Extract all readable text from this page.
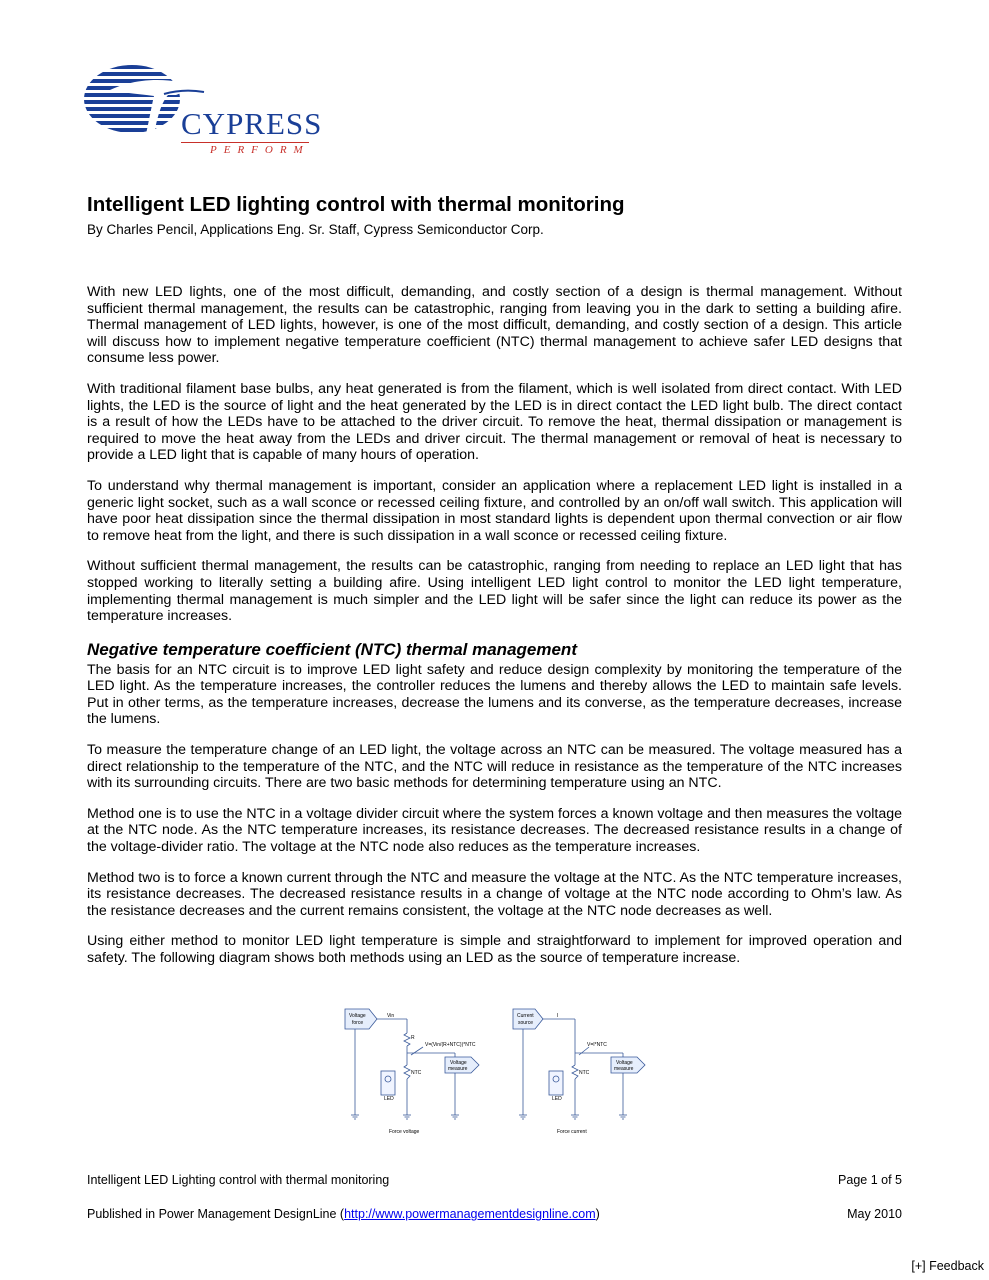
CYPRESS
PERFORM
Intelligent LED lighting control with thermal monitoring

By Charles Pencil, Applications Eng. Sr. Staff, Cypress Semiconductor Corp.

With new LED lights, one of the most difficult, demanding, and costly section of a design is thermal management. Without sufficient thermal management, the results can be catastrophic, ranging from leaving you in the dark to setting a building afire. Thermal management of LED lights, however, is one of the most difficult, demanding, and costly section of a design. This article will discuss how to implement negative temperature coefficient (NTC) thermal management to achieve safer LED designs that consume less power.

With traditional filament base bulbs, any heat generated is from the filament, which is well isolated from direct contact. With LED lights, the LED is the source of light and the heat generated by the LED is in direct contact the LED light bulb. The direct contact is a result of how the LEDs have to be attached to the driver circuit. To remove the heat, thermal dissipation or management is required to move the heat away from the LEDs and driver circuit. The thermal management or removal of heat is necessary to provide a LED light that is capable of many hours of operation.

To understand why thermal management is important, consider an application where a replacement LED light is installed in a generic light socket, such as a wall sconce or recessed ceiling fixture, and controlled by an on/off wall switch. This application will have poor heat dissipation since the thermal dissipation in most standard lights is dependent upon thermal convection or air flow to remove heat from the light, and there is such dissipation in a wall sconce or recessed ceiling fixture.

Without sufficient thermal management, the results can be catastrophic, ranging from needing to replace an LED light that has stopped working to literally setting a building afire. Using intelligent LED light control to monitor the LED light temperature, implementing thermal management is much simpler and the LED light will be safer since the light can reduce its power as the temperature increases.

Negative temperature coefficient (NTC) thermal management

The basis for an NTC circuit is to improve LED light safety and reduce design complexity by monitoring the temperature of the LED light. As the temperature increases, the controller reduces the lumens and thereby allows the LED to maintain safe levels. Put in other terms, as the temperature increases, decrease the lumens and its converse, as the temperature decreases, increase the lumens.

To measure the temperature change of an LED light, the voltage across an NTC can be measured. The voltage measured has a direct relationship to the temperature of the NTC, and the NTC will reduce in resistance as the temperature of the NTC increases with its surrounding circuits. There are two basic methods for determining temperature using an NTC.

Method one is to use the NTC in a voltage divider circuit where the system forces a known voltage and then measures the voltage at the NTC node. As the NTC temperature increases, its resistance decreases. The decreased resistance results in a change of the voltage-divider ratio. The voltage at the NTC node also reduces as the temperature increases.

Method two is to force a known current through the NTC and measure the voltage at the NTC. As the NTC temperature increases, its resistance decreases. The decreased resistance results in a change of voltage at the NTC node according to Ohm’s law. As the resistance decreases and the current remains consistent, the voltage at the NTC node decreases as well.

Using either method to monitor LED light temperature is simple and straightforward to implement for improved operation and safety. The following diagram shows both methods using an LED as the source of temperature increase.

Voltage
force
Vin
R
V=(Vin/(R+NTC))*NTC
Voltage
measure
NTC
LED
Force voltage
Current
source
I
V=I*NTC
Voltage
measure
NTC
LED
Force current
Intelligent LED Lighting control with thermal monitoring	Page 1 of 5
Published in Power Management DesignLine (http://www.powermanagementdesignline.com)	May 2010
[+] Feedback
